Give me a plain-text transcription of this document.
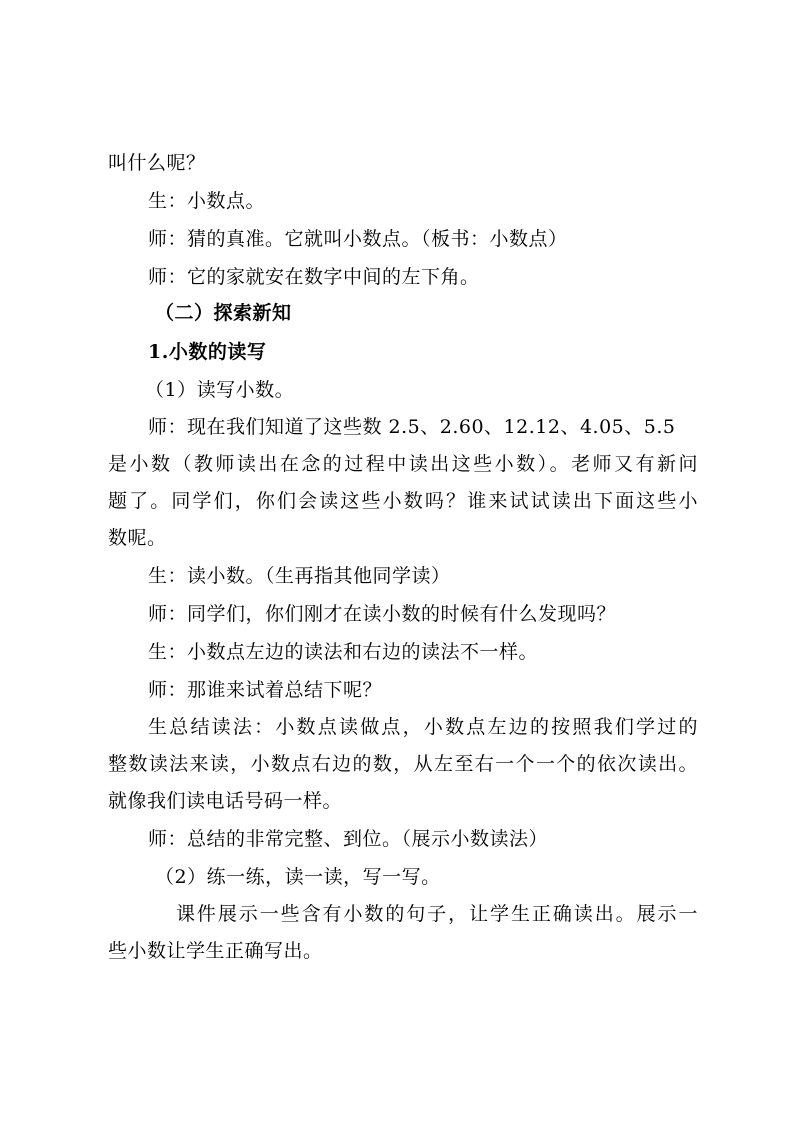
叫什么呢？
生：小数点。
师：猜的真准。它就叫小数点。（板书：小数点）
师：它的家就安在数字中间的左下角。
（二）探索新知
1.小数的读写
（1）读写小数。
师：现在我们知道了这些数 2.5、2.60、12.12、4.05、5.5
是小数（教师读出在念的过程中读出这些小数）。老师又有新问
题了。同学们，你们会读这些小数吗？谁来试试读出下面这些小
数呢。
生：读小数。（生再指其他同学读）
师：同学们，你们刚才在读小数的时候有什么发现吗？
生：小数点左边的读法和右边的读法不一样。
师：那谁来试着总结下呢？
生总结读法：小数点读做点，小数点左边的按照我们学过的
整数读法来读，小数点右边的数，从左至右一个一个的依次读出。
就像我们读电话号码一样。
师：总结的非常完整、到位。（展示小数读法）
（2）练一练，读一读，写一写。
课件展示一些含有小数的句子，让学生正确读出。展示一
些小数让学生正确写出。
